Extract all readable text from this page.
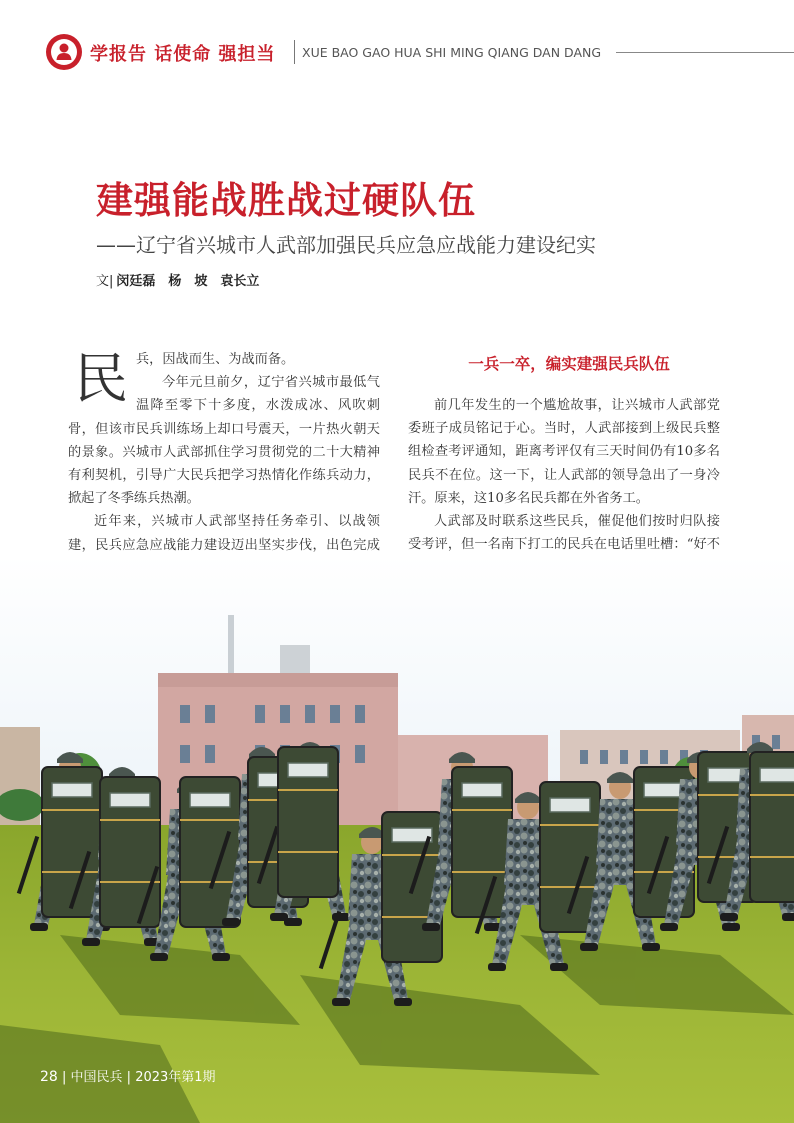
学报告 话使命 强担当 XUE BAO GAO HUA SHI MING QIANG DAN DANG
建强能战胜战过硬队伍
——辽宁省兴城市人武部加强民兵应急应战能力建设纪实
文| 闵廷磊　杨　坡　袁长立

民兵，因战而生、为战而备。

今年元旦前夕，辽宁省兴城市最低气温降至零下十多度，水泼成冰、风吹刺骨，但该市民兵训练场上却口号震天，一片热火朝天的景象。兴城市人武部抓住学习贯彻党的二十大精神有利契机，引导广大民兵把学习热情化作练兵动力，掀起了冬季练兵热潮。

近年来，兴城市人武部坚持任务牵引、以战领建，民兵应急应战能力建设迈出坚实步伐，出色完成

一兵一卒，编实建强民兵队伍

前几年发生的一个尴尬故事，让兴城市人武部党委班子成员铭记于心。当时，人武部接到上级民兵整组检查考评通知，距离考评仅有三天时间仍有10多名民兵不在位。这一下，让人武部的领导急出了一身冷汗。原来，这10多名民兵都在外省务工。

人武部及时联系这些民兵，催促他们按时归队接受考评，但一名南下打工的民兵在电话里吐槽：“好不

28 | 中国民兵 | 2023年第1期
